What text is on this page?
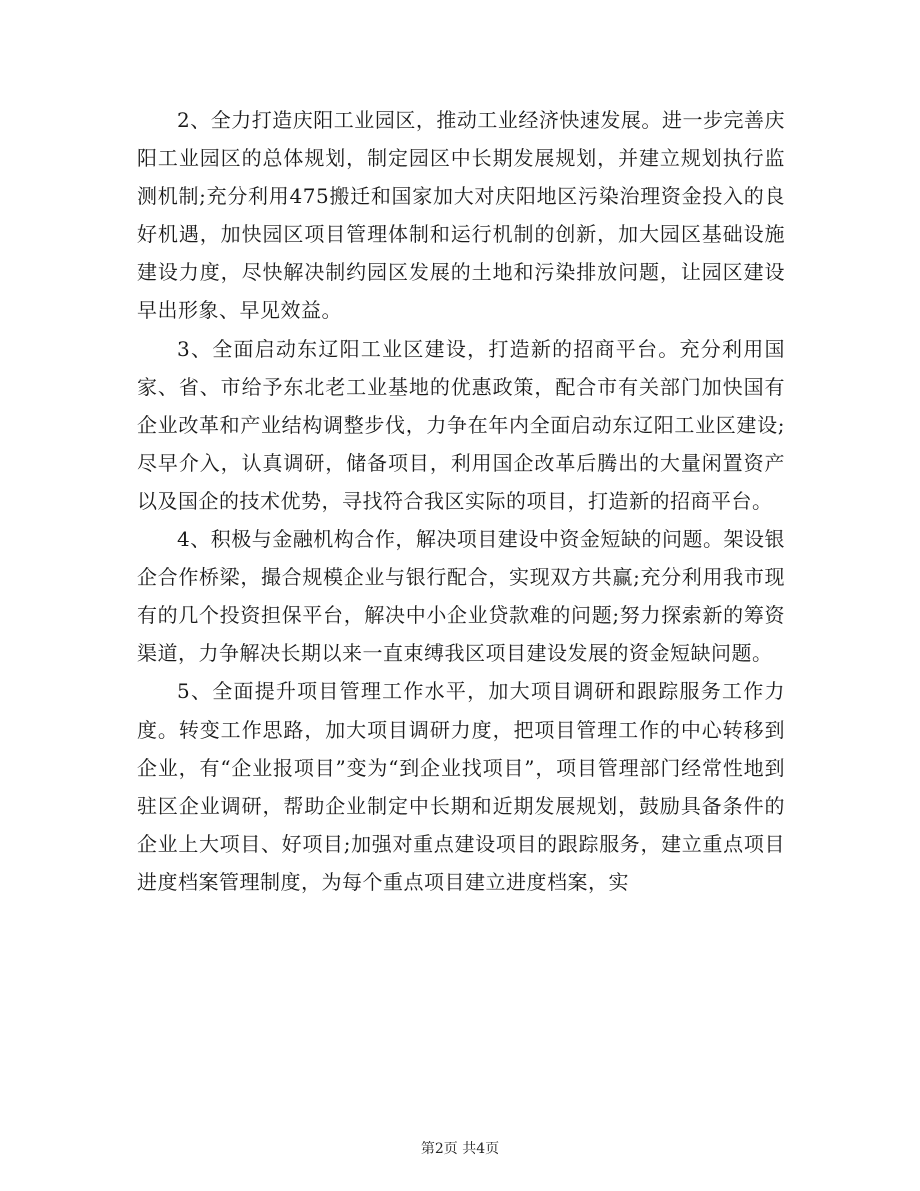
2、全力打造庆阳工业园区，推动工业经济快速发展。进一步完善庆阳工业园区的总体规划，制定园区中长期发展规划，并建立规划执行监测机制;充分利用475搬迁和国家加大对庆阳地区污染治理资金投入的良好机遇，加快园区项目管理体制和运行机制的创新，加大园区基础设施建设力度，尽快解决制约园区发展的土地和污染排放问题，让园区建设早出形象、早见效益。

3、全面启动东辽阳工业区建设，打造新的招商平台。充分利用国家、省、市给予东北老工业基地的优惠政策，配合市有关部门加快国有企业改革和产业结构调整步伐，力争在年内全面启动东辽阳工业区建设;尽早介入，认真调研，储备项目，利用国企改革后腾出的大量闲置资产以及国企的技术优势，寻找符合我区实际的项目，打造新的招商平台。

4、积极与金融机构合作，解决项目建设中资金短缺的问题。架设银企合作桥梁，撮合规模企业与银行配合，实现双方共赢;充分利用我市现有的几个投资担保平台，解决中小企业贷款难的问题;努力探索新的筹资渠道，力争解决长期以来一直束缚我区项目建设发展的资金短缺问题。

5、全面提升项目管理工作水平，加大项目调研和跟踪服务工作力度。转变工作思路，加大项目调研力度，把项目管理工作的中心转移到企业，有“企业报项目”变为“到企业找项目”，项目管理部门经常性地到驻区企业调研，帮助企业制定中长期和近期发展规划，鼓励具备条件的企业上大项目、好项目;加强对重点建设项目的跟踪服务，建立重点项目进度档案管理制度，为每个重点项目建立进度档案，实

第2页 共4页
